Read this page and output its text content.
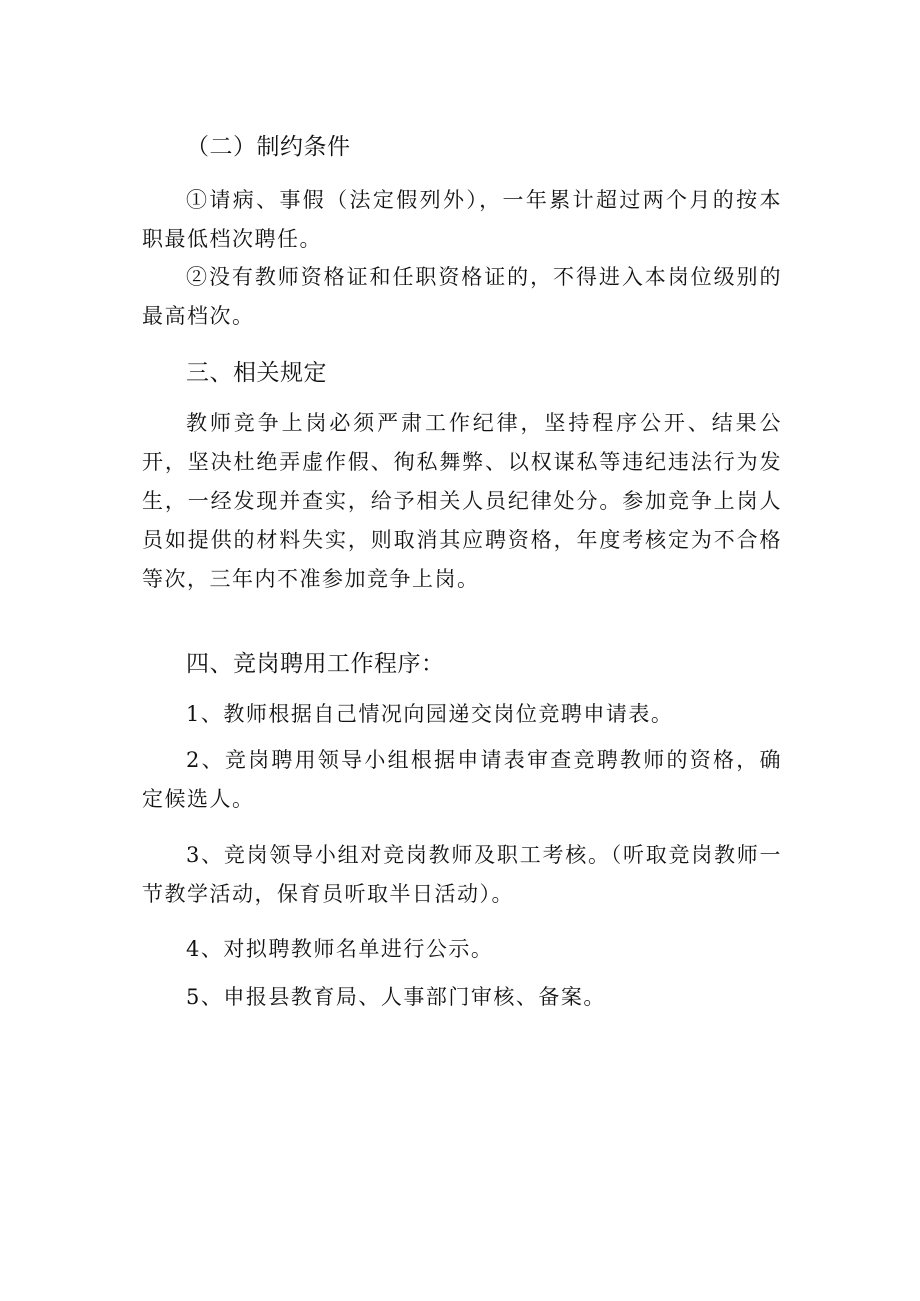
（二）制约条件

①请病、事假（法定假列外），一年累计超过两个月的按本职最低档次聘任。

②没有教师资格证和任职资格证的，不得进入本岗位级别的最高档次。

三、相关规定

教师竞争上岗必须严肃工作纪律，坚持程序公开、结果公开，坚决杜绝弄虚作假、徇私舞弊、以权谋私等违纪违法行为发生，一经发现并查实，给予相关人员纪律处分。参加竞争上岗人员如提供的材料失实，则取消其应聘资格，年度考核定为不合格等次，三年内不准参加竞争上岗。

四、竞岗聘用工作程序：

1、教师根据自己情况向园递交岗位竞聘申请表。

2、竞岗聘用领导小组根据申请表审查竞聘教师的资格，确定候选人。

3、竞岗领导小组对竞岗教师及职工考核。（听取竞岗教师一节教学活动，保育员听取半日活动）。

4、对拟聘教师名单进行公示。

5、申报县教育局、人事部门审核、备案。
